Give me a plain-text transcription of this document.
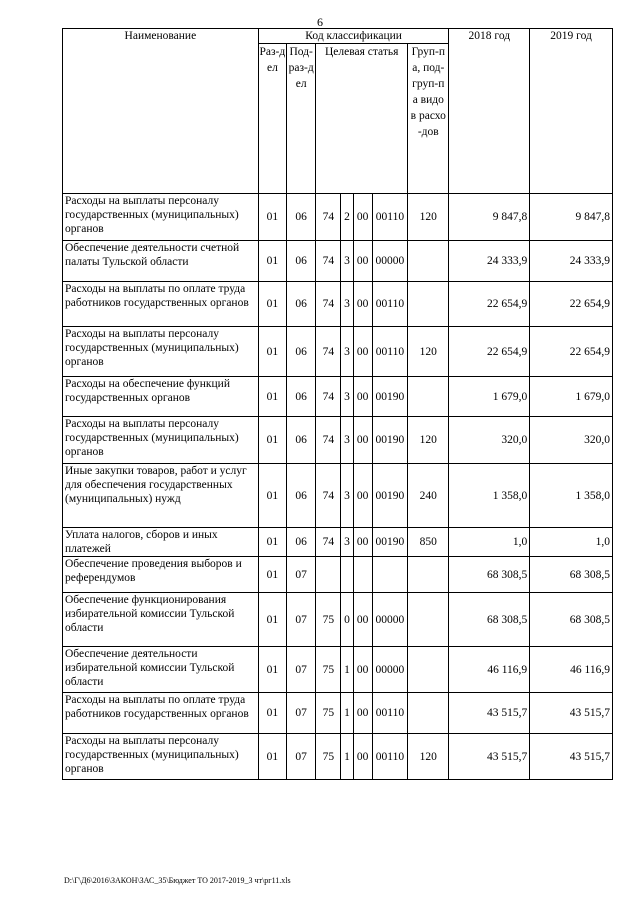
6
Наименование	Код классификации							2018 год	2019 год

	Раз-дел	Под-раз-дел	Целевая статья				Груп-па, под-груп-па видов расхо-дов		

Расходы на выплаты персоналу государственных (муниципальных) органов	01	06	74	2	00	00110	120	9 847,8	9 847,8
Обеспечение деятельности счетной палаты Тульской области	01	06	74	3	00	00000		24 333,9	24 333,9
Расходы на выплаты по оплате труда работников государственных органов	01	06	74	3	00	00110		22 654,9	22 654,9
Расходы на выплаты персоналу государственных (муниципальных) органов	01	06	74	3	00	00110	120	22 654,9	22 654,9
Расходы на обеспечение функций государственных органов	01	06	74	3	00	00190		1 679,0	1 679,0
Расходы на выплаты персоналу государственных (муниципальных) органов	01	06	74	3	00	00190	120	320,0	320,0
Иные закупки товаров, работ и услуг для обеспечения государственных (муниципальных) нужд	01	06	74	3	00	00190	240	1 358,0	1 358,0
Уплата налогов, сборов и иных платежей	01	06	74	3	00	00190	850	1,0	1,0
Обеспечение проведения выборов и референдумов	01	07						68 308,5	68 308,5
Обеспечение функционирования избирательной комиссии Тульской области	01	07	75	0	00	00000		68 308,5	68 308,5
Обеспечение деятельности избирательной комиссии Тульской области	01	07	75	1	00	00000		46 116,9	46 116,9
Расходы на выплаты по оплате труда работников государственных органов	01	07	75	1	00	00110		43 515,7	43 515,7
Расходы на выплаты персоналу государственных (муниципальных) органов	01	07	75	1	00	00110	120	43 515,7	43 515,7
D:\Г\Д6\2016\ЗАКОН\ЗАС_35\Бюджет ТО 2017-2019_3 чт\рг11.xls
